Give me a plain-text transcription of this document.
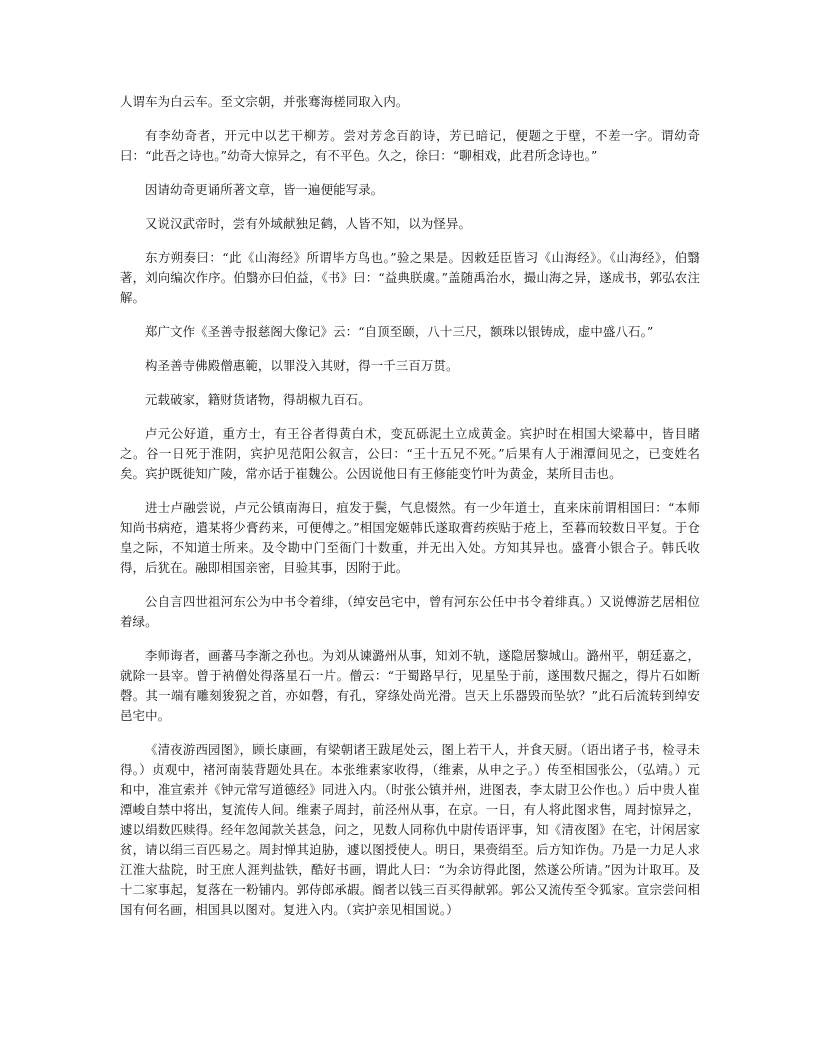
人谓车为白云车。至文宗朝，并张骞海槎同取入内。

有李幼奇者，开元中以艺干柳芳。尝对芳念百韵诗，芳已暗记，便题之于壁，不差一字。谓幼奇曰：“此吾之诗也。”幼奇大惊异之，有不平色。久之，徐曰：“聊相戏，此君所念诗也。”

因请幼奇更诵所著文章，皆一遍便能写录。

又说汉武帝时，尝有外域献独足鹤，人皆不知，以为怪异。

东方朔奏曰：“此《山海经》所谓毕方鸟也。”验之果是。因敕廷臣皆习《山海经》。《山海经》，伯翳著，刘向编次作序。伯翳亦曰伯益，《书》曰：“益典朕虞。”盖随禹治水，撮山海之异，遂成书，郭弘农注解。

郑广文作《圣善寺报慈阁大像记》云：“自顶至颐，八十三尺，额珠以银铸成，虚中盛八石。”

构圣善寺佛殿僧惠範，以罪没入其财，得一千三百万贯。

元载破家，籍财货诸物，得胡椒九百石。

卢元公好道，重方士，有王谷者得黄白术，变瓦砾泥土立成黄金。宾护时在相国大梁幕中，皆目睹之。谷一日死于淮阴，宾护见范阳公叙言，公曰：“王十五兄不死。”后果有人于湘潭间见之，已变姓名矣。宾护既徙知广陵，常亦话于崔魏公。公因说他日有王修能变竹叶为黄金，某所目击也。

进士卢融尝说，卢元公镇南海日，疽发于鬓，气息惙然。有一少年道士，直来床前谓相国曰：“本师知尚书病疮，遣某将少膏药来，可便傅之。”相国宠姬韩氏遂取膏药疾贴于疮上，至暮而较数日平复。于仓皇之际，不知道士所来。及令勘中门至衙门十数重，并无出入处。方知其异也。盛膏小银合子。韩氏收得，后犹在。融即相国亲密，目验其事，因附于此。

公自言四世祖河东公为中书令着绯，（绰安邑宅中，曾有河东公任中书令着绯真。）又说傅游艺居相位着绿。

李师诲者，画蕃马李渐之孙也。为刘从谏潞州从事，知刘不轨，遂隐居黎城山。潞州平，朝廷嘉之，就除一县宰。曾于衲僧处得落星石一片。僧云：“于蜀路早行，见星坠于前，遂围数尺掘之，得片石如断磬。其一端有雕刻狻猊之首，亦如磬，有孔，穿绦处尚光滑。岂天上乐器毁而坠欤？”此石后流转到绰安邑宅中。

《清夜游西园图》，顾长康画，有梁朝诸王跋尾处云，图上若干人，并食天厨。（语出诸子书，检寻未得。）贞观中，褚河南装背题处具在。本张维素家收得，（维素，从申之子。）传至相国张公，（弘靖。）元和中，准宣索并《钟元常写道德经》同进入内。（时张公镇并州，进图表，李太尉卫公作也。）后中贵人崔潭峻自禁中将出，复流传人间。维素子周封，前泾州从事，在京。一日，有人将此图求售，周封惊异之，遽以绢数匹赎得。经年忽闻款关甚急，问之，见数人同称仇中尉传语评事，知《清夜图》在宅，计闲居家贫，请以绢三百匹易之。周封惮其迫胁，遽以图授使人。明日，果赍绢至。后方知诈伪。乃是一力足人求江淮大盐院，时王庶人涯判盐铁，酷好书画，谓此人曰：“为余访得此图，然遂公所请。”因为计取耳。及十二家事起，复落在一粉铺内。郭侍郎承嘏。阍者以钱三百买得献郭。郭公又流传至令狐家。宣宗尝问相国有何名画，相国具以图对。复进入内。（宾护亲见相国说。）
